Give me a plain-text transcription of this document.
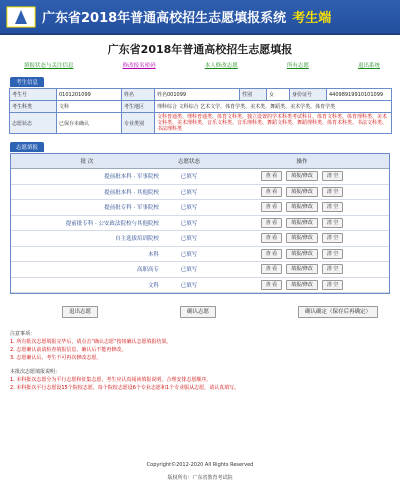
广东省2018年普通高校招生志愿填报系统 考生端
广东省2018年普通高校招生志愿填报
填报状态与关注信息	修改报名密码	本人修改志愿	所有志愿	退出系统
考生信息
考生号	0101201099	姓名	姓名001099	性别	女	身份证号	44098919910101099
考生科类	文科	考生地区	理科综合 文科综合 艺术文学、体育学类、美术类、舞蹈类、美术学类、体育学类				
志愿状态	已保存未确认	专业类别	文科普通类、理科普通类、体育文科类、独立设置的学术科类考试科目、体育文科类、体育理科类、美术文科类、美术理科类、音乐文科类、音乐理科类、舞蹈文科类、舞蹈理科类、体育术科类、书法文科类、书法理科类				
志愿填报
批 次	志愿状态	操作
提前批本科 · 军事院校	已填写	查 看 填报/修改 清 空
提前批本科 · 其他院校	已填写	查 看 填报/修改 清 空
提前批专科 · 军事院校	已填写	查 看 填报/修改 清 空
提前批专科 · 公安政法院校与其他院校	已填写	查 看 填报/修改 清 空
自主选拔培训院校	已填写	查 看 填报/修改 清 空
本科	已填写	查 看 填报/修改 清 空
高职高专	已填写	查 看 填报/修改 清 空
文科	已填写	查 看 填报/修改 清 空
退出志愿	确认志愿	确认确定（保存后再确定）
注意事项：
1. 所有批次志愿填报完毕后，请点击“确认志愿”按钮确认志愿填报结果。
2. 志愿确认前请检查填报信息，确认后不能再修改。
3. 志愿确认后，考生不可再次修改志愿。
本批次志愿填报说明：
1. 本科批次志愿分为平行志愿和征集志愿，考生应认真阅读填报说明，合理安排志愿顺序。
2. 本科批次平行志愿设15个院校志愿，每个院校志愿设6个专业志愿和1个专业服从志愿，请认真填写。
Copyright©2012-2020 All Rights Reserved
版权所有：广东省教育考试院
